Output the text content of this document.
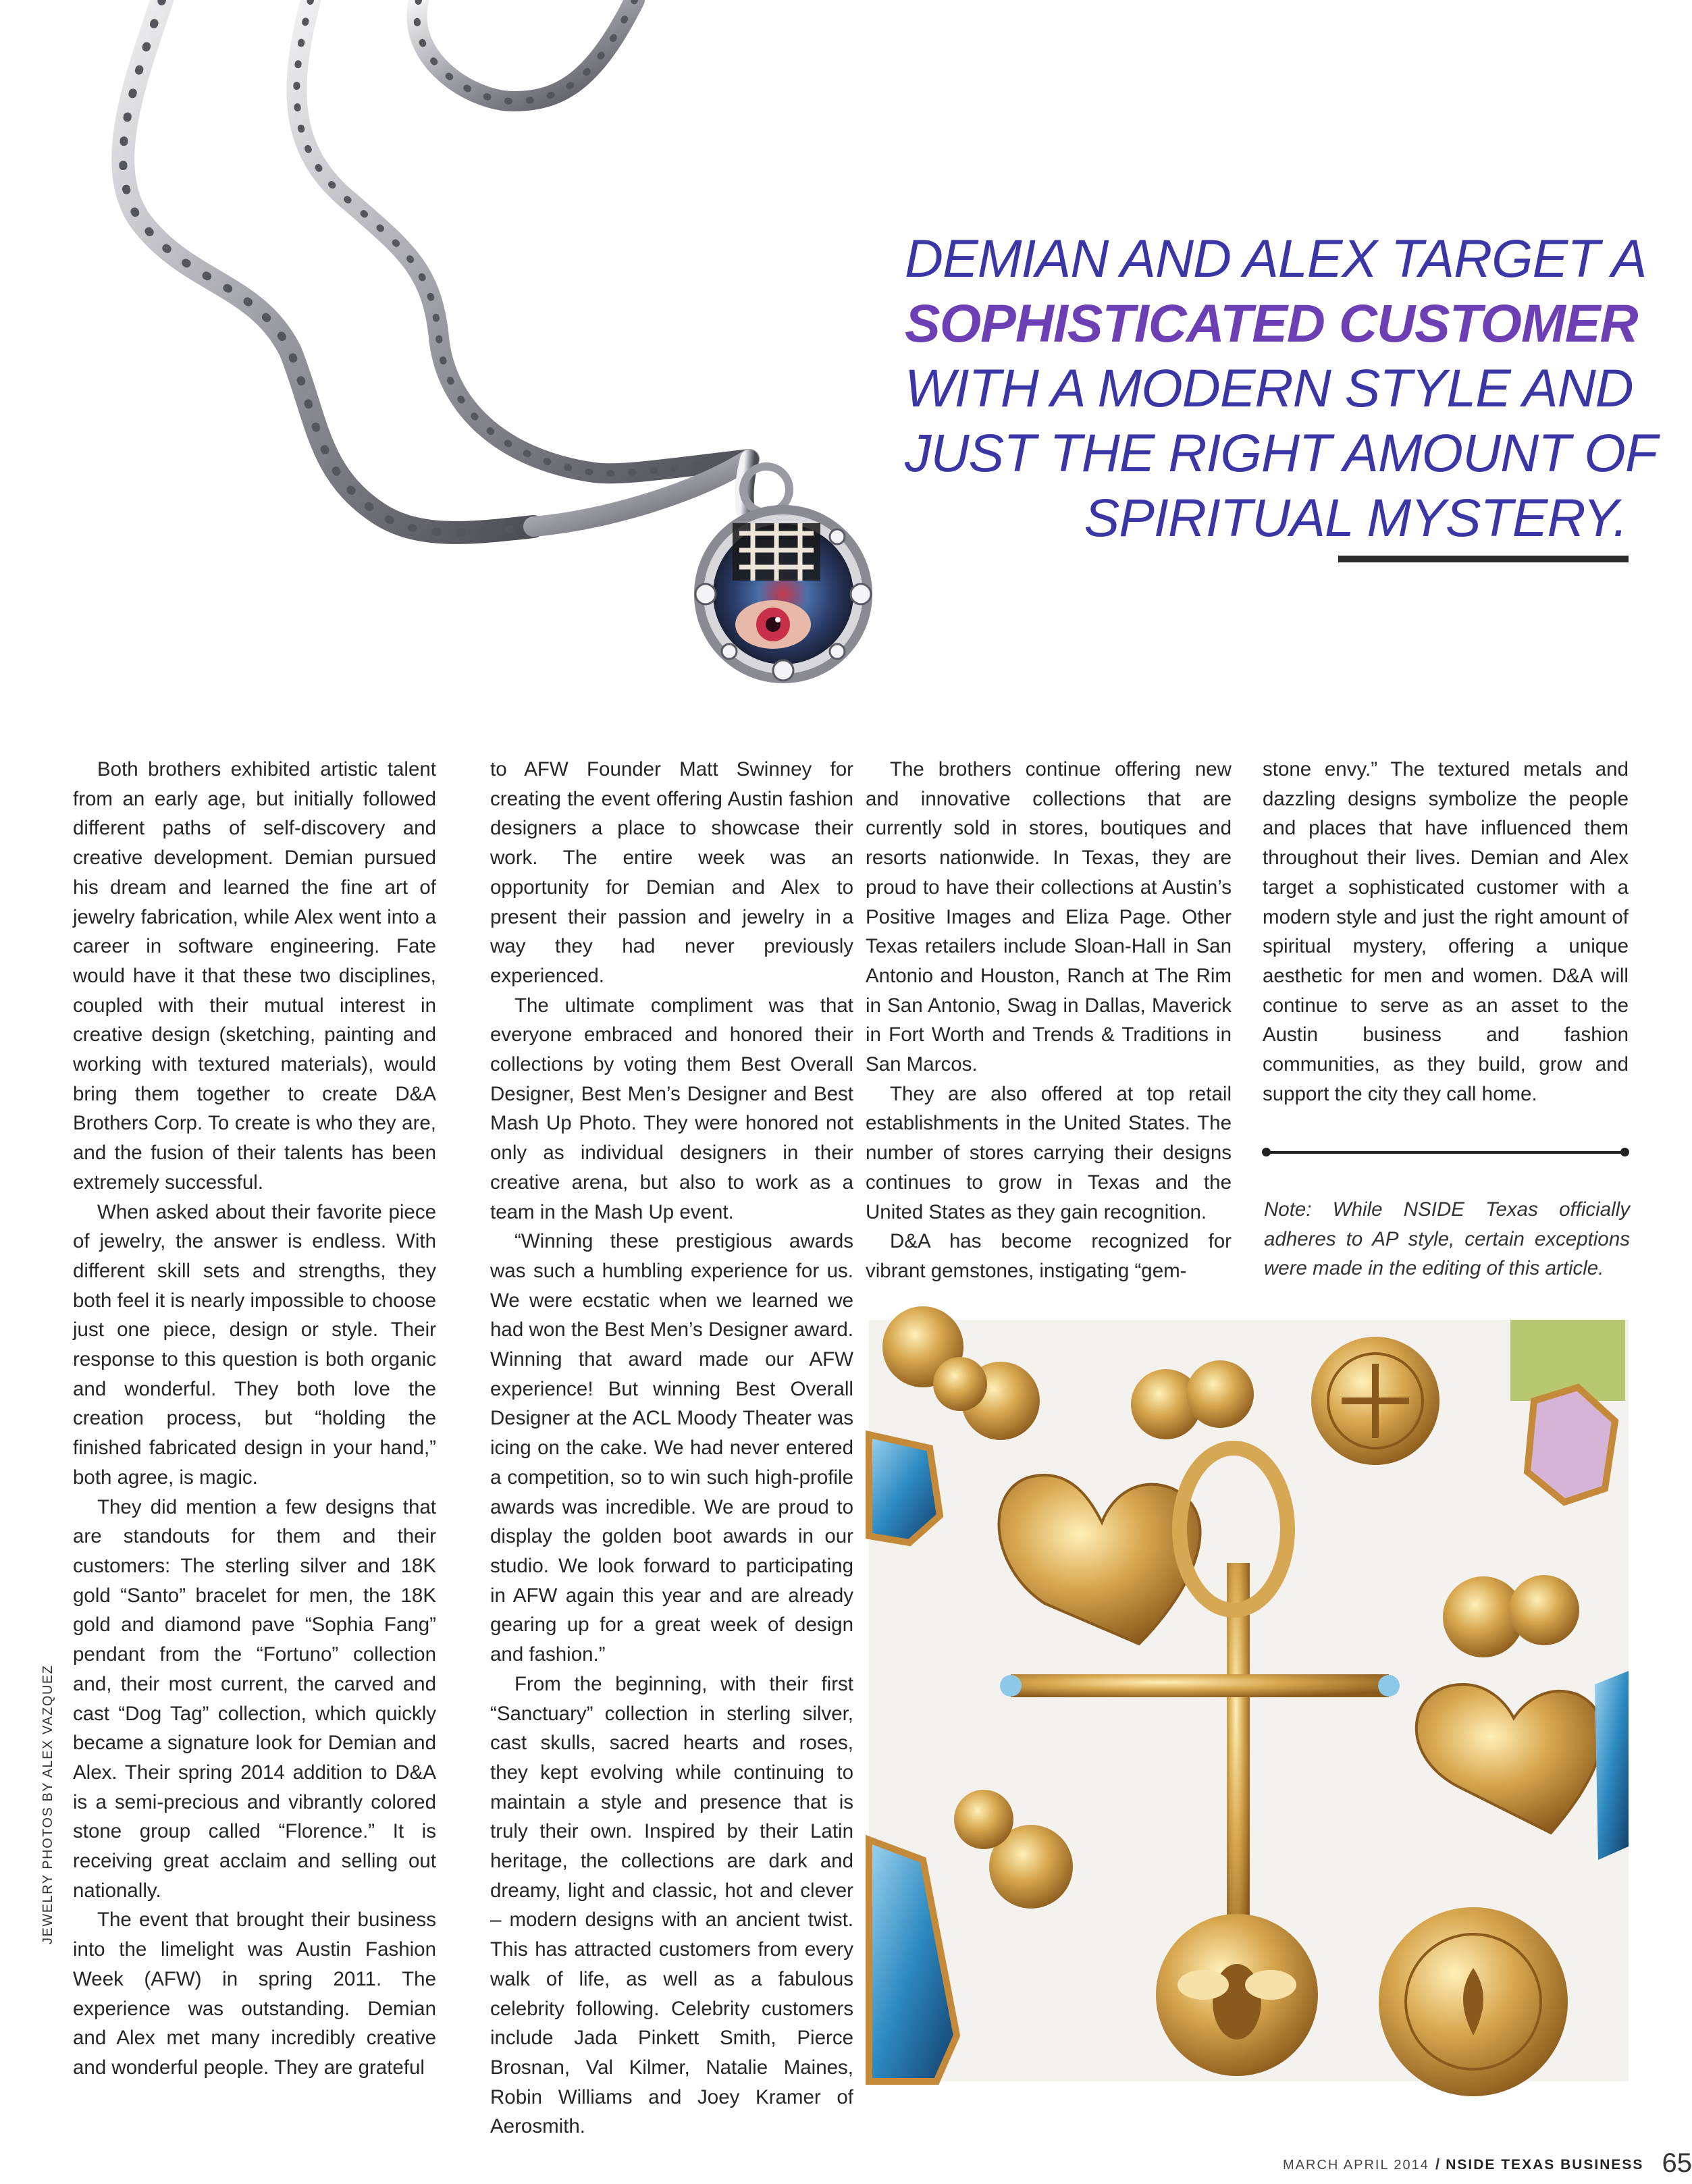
DEMIAN AND ALEX TARGET A
SOPHISTICATED CUSTOMER
WITH A MODERN STYLE AND
JUST THE RIGHT AMOUNT OF
SPIRITUAL MYSTERY.

Both brothers exhibited artistic talent from an early age, but initially followed different paths of self-discovery and creative development. Demian pursued his dream and learned the fine art of jewelry fabrication, while Alex went into a career in software engineering. Fate would have it that these two disciplines, coupled with their mutual interest in creative design (sketching, painting and working with textured materials), would bring them together to create D&A Brothers Corp. To create is who they are, and the fusion of their talents has been extremely successful.

When asked about their favorite piece of jewelry, the answer is endless. With different skill sets and strengths, they both feel it is nearly impossible to choose just one piece, design or style. Their response to this question is both organic and wonderful. They both love the creation process, but “holding the finished fabricated design in your hand,” both agree, is magic.

They did mention a few designs that are standouts for them and their customers: The sterling silver and 18K gold “Santo” bracelet for men, the 18K gold and diamond pave “Sophia Fang” pendant from the “Fortuno” collection and, their most current, the carved and cast “Dog Tag” collection, which quickly became a signature look for Demian and Alex. Their spring 2014 addition to D&A is a semi-precious and vibrantly colored stone group called “Florence.” It is receiving great acclaim and selling out nationally.

The event that brought their business into the limelight was Austin Fashion Week (AFW) in spring 2011. The experience was outstanding. Demian and Alex met many incredibly creative and wonderful people. They are grateful

to AFW Founder Matt Swinney for creating the event offering Austin fashion designers a place to showcase their work. The entire week was an opportunity for Demian and Alex to present their passion and jewelry in a way they had never previously experienced.

The ultimate compliment was that everyone embraced and honored their collections by voting them Best Overall Designer, Best Men’s Designer and Best Mash Up Photo. They were honored not only as individual designers in their creative arena, but also to work as a team in the Mash Up event.

“Winning these prestigious awards was such a humbling experience for us. We were ecstatic when we learned we had won the Best Men’s Designer award. Winning that award made our AFW experience! But winning Best Overall Designer at the ACL Moody Theater was icing on the cake. We had never entered a competition, so to win such high-profile awards was incredible. We are proud to display the golden boot awards in our studio. We look forward to participating in AFW again this year and are already gearing up for a great week of design and fashion.”

From the beginning, with their first “Sanctuary” collection in sterling silver, cast skulls, sacred hearts and roses, they kept evolving while continuing to maintain a style and presence that is truly their own. Inspired by their Latin heritage, the collections are dark and dreamy, light and classic, hot and clever – modern designs with an ancient twist. This has attracted customers from every walk of life, as well as a fabulous celebrity following. Celebrity customers include Jada Pinkett Smith, Pierce Brosnan, Val Kilmer, Natalie Maines, Robin Williams and Joey Kramer of Aerosmith.

The brothers continue offering new and innovative collections that are currently sold in stores, boutiques and resorts nationwide. In Texas, they are proud to have their collections at Austin’s Positive Images and Eliza Page. Other Texas retailers include Sloan-Hall in San Antonio and Houston, Ranch at The Rim in San Antonio, Swag in Dallas, Maverick in Fort Worth and Trends & Traditions in San Marcos.

They are also offered at top retail establishments in the United States. The number of stores carrying their designs continues to grow in Texas and the United States as they gain recognition.

D&A has become recognized for vibrant gemstones, instigating “gem-

stone envy.” The textured metals and dazzling designs symbolize the people and places that have influenced them throughout their lives. Demian and Alex target a sophisticated customer with a modern style and just the right amount of spiritual mystery, offering a unique aesthetic for men and women. D&A will continue to serve as an asset to the Austin business and fashion communities, as they build, grow and support the city they call home.

Note: While NSIDE Texas officially adheres to AP style, certain exceptions were made in the editing of this article.
JEWELRY PHOTOS BY ALEX VAZQUEZ
MARCH APRIL 2014 / NSIDE TEXAS BUSINESS 65
